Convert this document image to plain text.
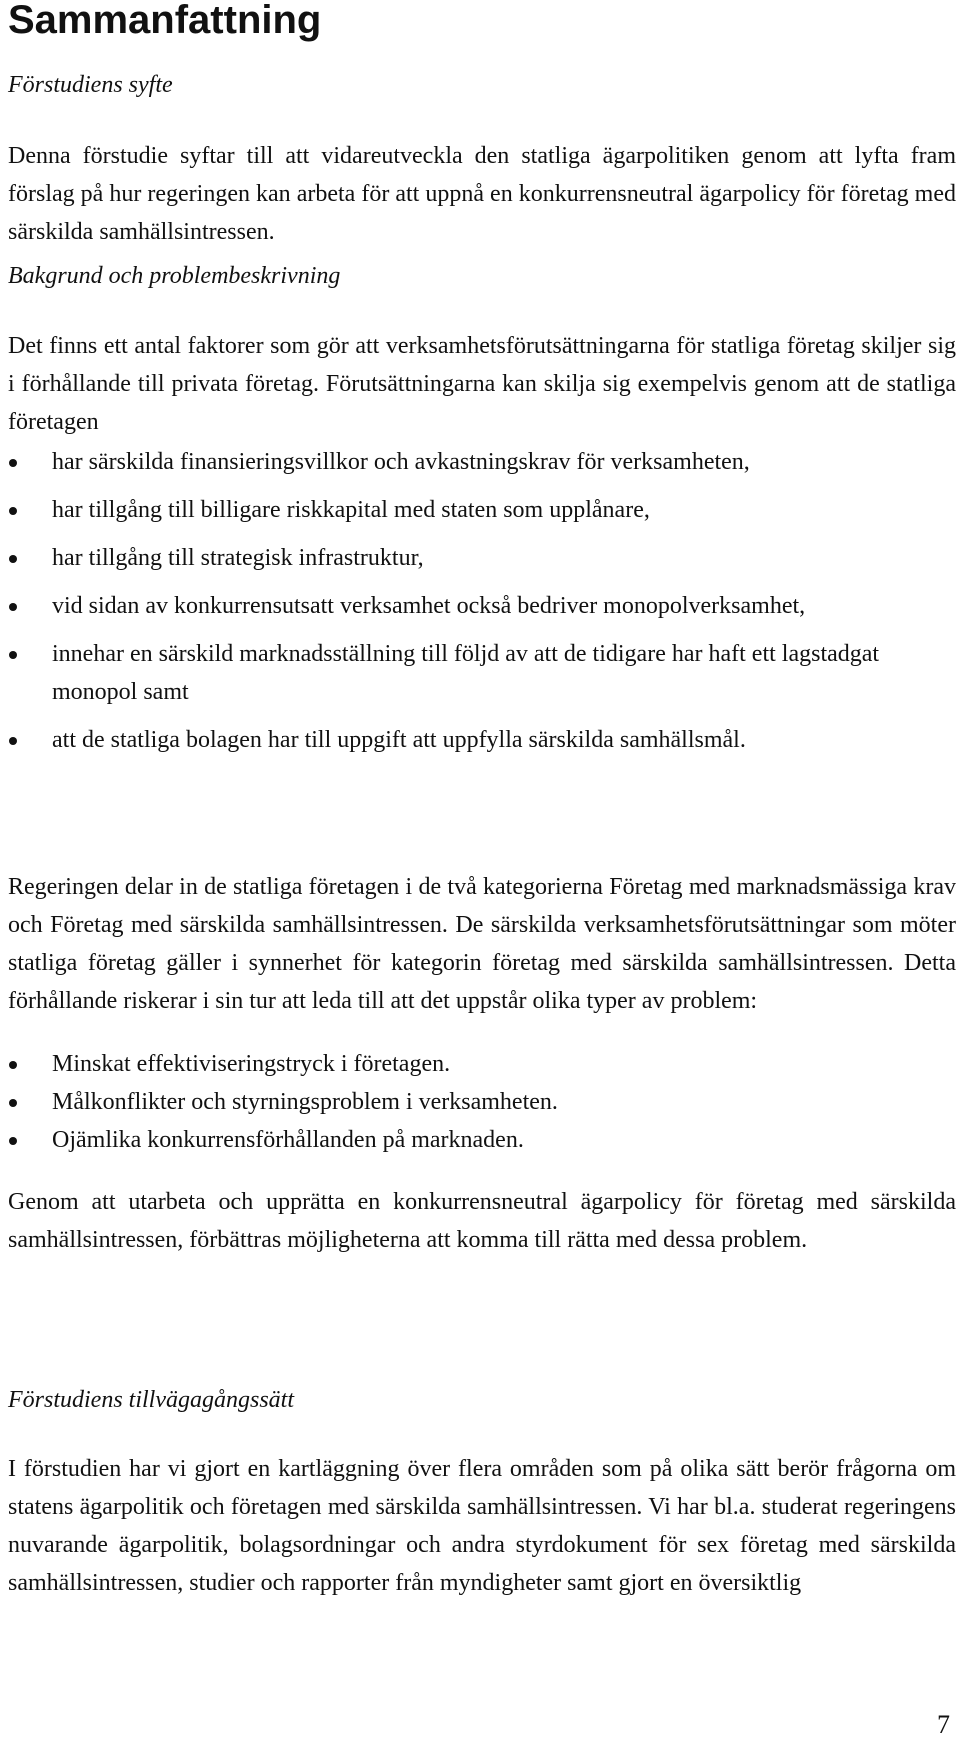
Sammanfattning
Förstudiens syfte

Denna förstudie syftar till att vidareutveckla den statliga ägarpolitiken genom att lyfta fram förslag på hur regeringen kan arbeta för att uppnå en konkurrensneutral ägarpolicy för företag med särskilda samhällsintressen.

Bakgrund och problembeskrivning

Det finns ett antal faktorer som gör att verksamhetsförutsättningarna för statliga företag skiljer sig i förhållande till privata företag. Förutsättningarna kan skilja sig exempelvis genom att de statliga företagen

har särskilda finansieringsvillkor och avkastningskrav för verksamheten,
har tillgång till billigare riskkapital med staten som upplånare,
har tillgång till strategisk infrastruktur,
vid sidan av konkurrensutsatt verksamhet också bedriver monopolverksamhet,
innehar en särskild marknadsställning till följd av att de tidigare har haft ett lagstadgat monopol samt
att de statliga bolagen har till uppgift att uppfylla särskilda samhällsmål.

Regeringen delar in de statliga företagen i de två kategorierna Företag med marknadsmässiga krav och Företag med särskilda samhällsintressen. De särskilda verksamhetsförutsättningar som möter statliga företag gäller i synnerhet för kategorin företag med särskilda samhällsintressen. Detta förhållande riskerar i sin tur att leda till att det uppstår olika typer av problem:

Minskat effektiviseringstryck i företagen.
Målkonflikter och styrningsproblem i verksamheten.
Ojämlika konkurrensförhållanden på marknaden.

Genom att utarbeta och upprätta en konkurrensneutral ägarpolicy för företag med särskilda samhällsintressen, förbättras möjligheterna att komma till rätta med dessa problem.

Förstudiens tillvägagångssätt

I förstudien har vi gjort en kartläggning över flera områden som på olika sätt berör frågorna om statens ägarpolitik och företagen med särskilda samhällsintressen. Vi har bl.a. studerat regeringens nuvarande ägarpolitik, bolagsordningar och andra styrdokument för sex företag med särskilda samhällsintressen, studier och rapporter från myndigheter samt gjort en översiktlig

7
